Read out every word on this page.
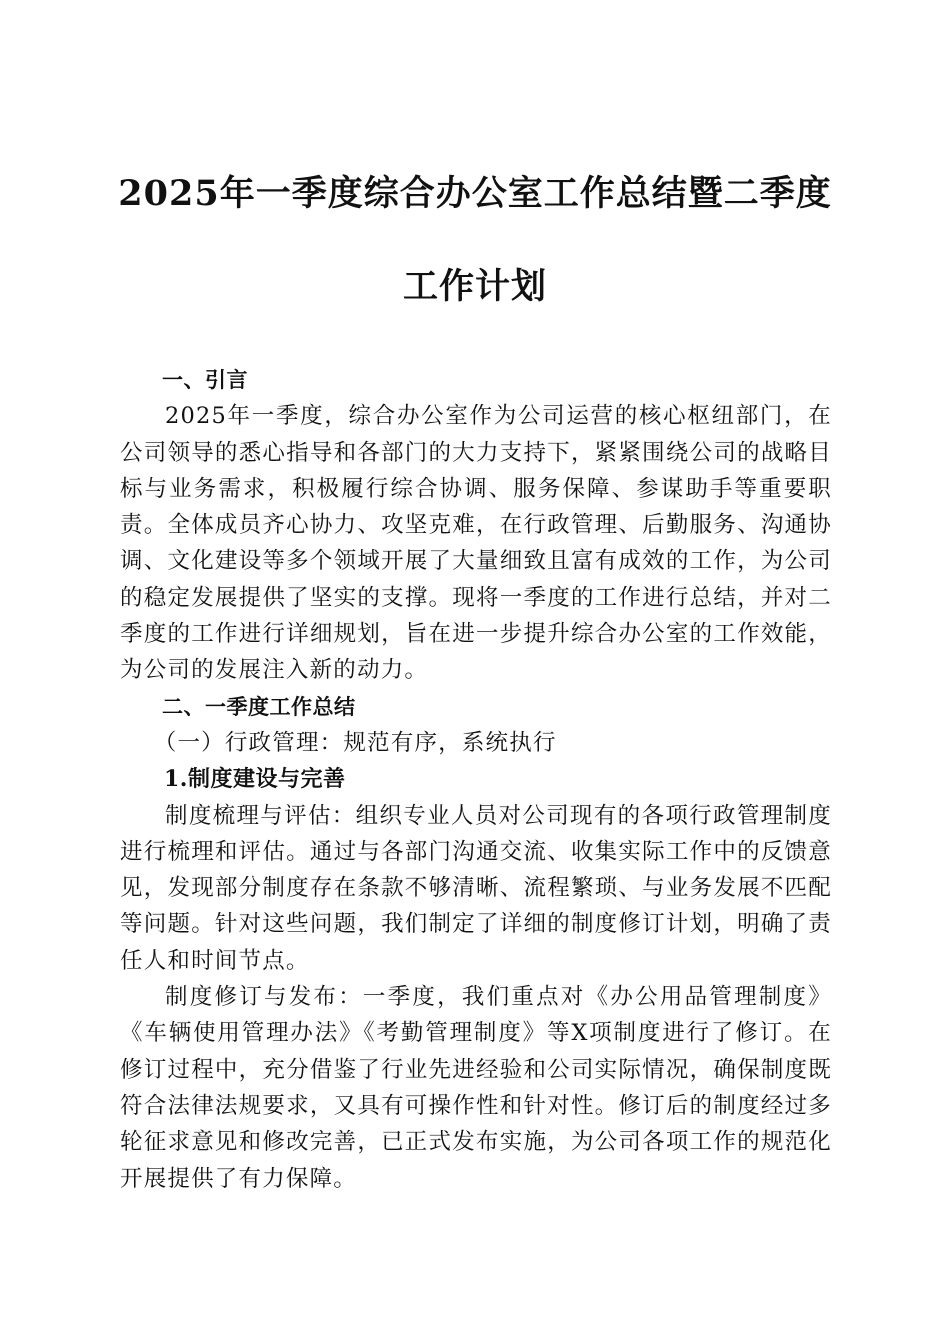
2025年一季度综合办公室工作总结暨二季度
工作计划

一、引言

2025年一季度，综合办公室作为公司运营的核心枢纽部门，在公司领导的悉心指导和各部门的大力支持下，紧紧围绕公司的战略目标与业务需求，积极履行综合协调、服务保障、参谋助手等重要职责。全体成员齐心协力、攻坚克难，在行政管理、后勤服务、沟通协调、文化建设等多个领域开展了大量细致且富有成效的工作，为公司的稳定发展提供了坚实的支撑。现将一季度的工作进行总结，并对二季度的工作进行详细规划，旨在进一步提升综合办公室的工作效能，为公司的发展注入新的动力。

二、一季度工作总结

（一）行政管理：规范有序，系统执行

1.制度建设与完善

制度梳理与评估：组织专业人员对公司现有的各项行政管理制度进行梳理和评估。通过与各部门沟通交流、收集实际工作中的反馈意见，发现部分制度存在条款不够清晰、流程繁琐、与业务发展不匹配等问题。针对这些问题，我们制定了详细的制度修订计划，明确了责任人和时间节点。

制度修订与发布：一季度，我们重点对《办公用品管理制度》《车辆使用管理办法》《考勤管理制度》等X项制度进行了修订。在修订过程中，充分借鉴了行业先进经验和公司实际情况，确保制度既符合法律法规要求，又具有可操作性和针对性。修订后的制度经过多轮征求意见和修改完善，已正式发布实施，为公司各项工作的规范化开展提供了有力保障。
